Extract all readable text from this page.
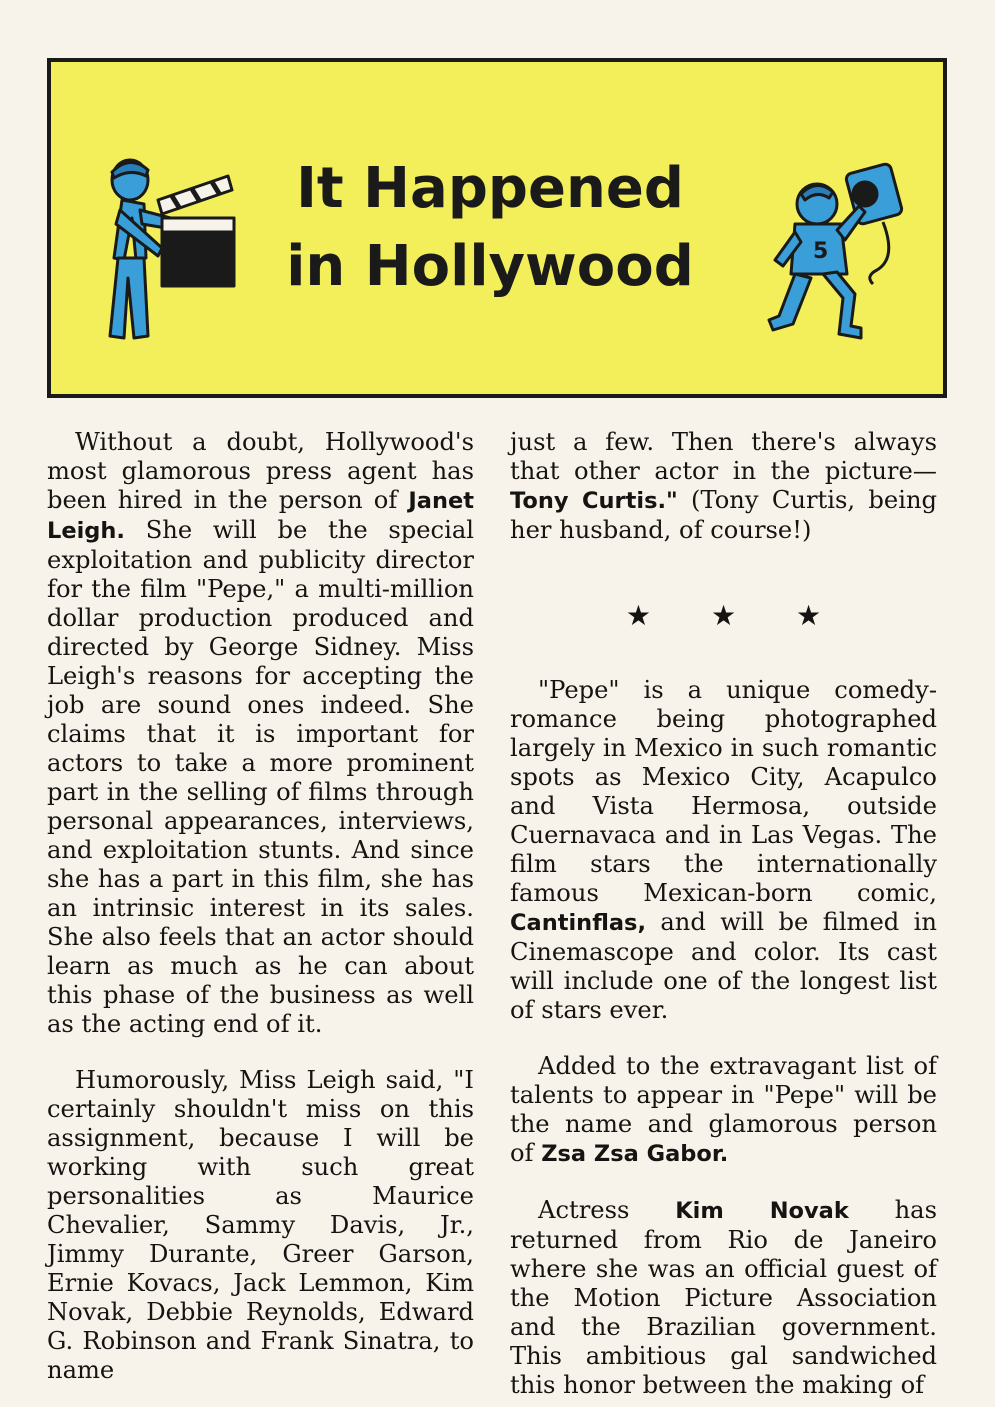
It Happened
in Hollywood	5

Without a doubt, Hollywood's most glamorous press agent has been hired in the person of Janet Leigh. She will be the special exploitation and publicity director for the film "Pepe," a multi-million dollar production produced and directed by George Sidney. Miss Leigh's reasons for accepting the job are sound ones indeed. She claims that it is important for actors to take a more prominent part in the selling of films through personal appearances, interviews, and exploitation stunts. And since she has a part in this film, she has an intrinsic interest in its sales. She also feels that an actor should learn as much as he can about this phase of the business as well as the acting end of it.

Humorously, Miss Leigh said, "I certainly shouldn't miss on this assignment, because I will be working with such great personalities as Maurice Chevalier, Sammy Davis, Jr., Jimmy Durante, Greer Garson, Ernie Kovacs, Jack Lemmon, Kim Novak, Debbie Reynolds, Edward G. Robinson and Frank Sinatra, to name

just a few. Then there's always that other actor in the picture—Tony Curtis." (Tony Curtis, being her husband, of course!)

★ ★ ★

"Pepe" is a unique comedy-romance being photographed largely in Mexico in such romantic spots as Mexico City, Acapulco and Vista Hermosa, outside Cuernavaca and in Las Vegas. The film stars the internationally famous Mexican-born comic, Cantinflas, and will be filmed in Cinemascope and color. Its cast will include one of the longest list of stars ever.

Added to the extravagant list of talents to appear in "Pepe" will be the name and glamorous person of Zsa Zsa Gabor.

Actress Kim Novak has returned from Rio de Janeiro where she was an official guest of the Motion Picture Association and the Brazilian government. This ambitious gal sandwiched this honor between the making of
